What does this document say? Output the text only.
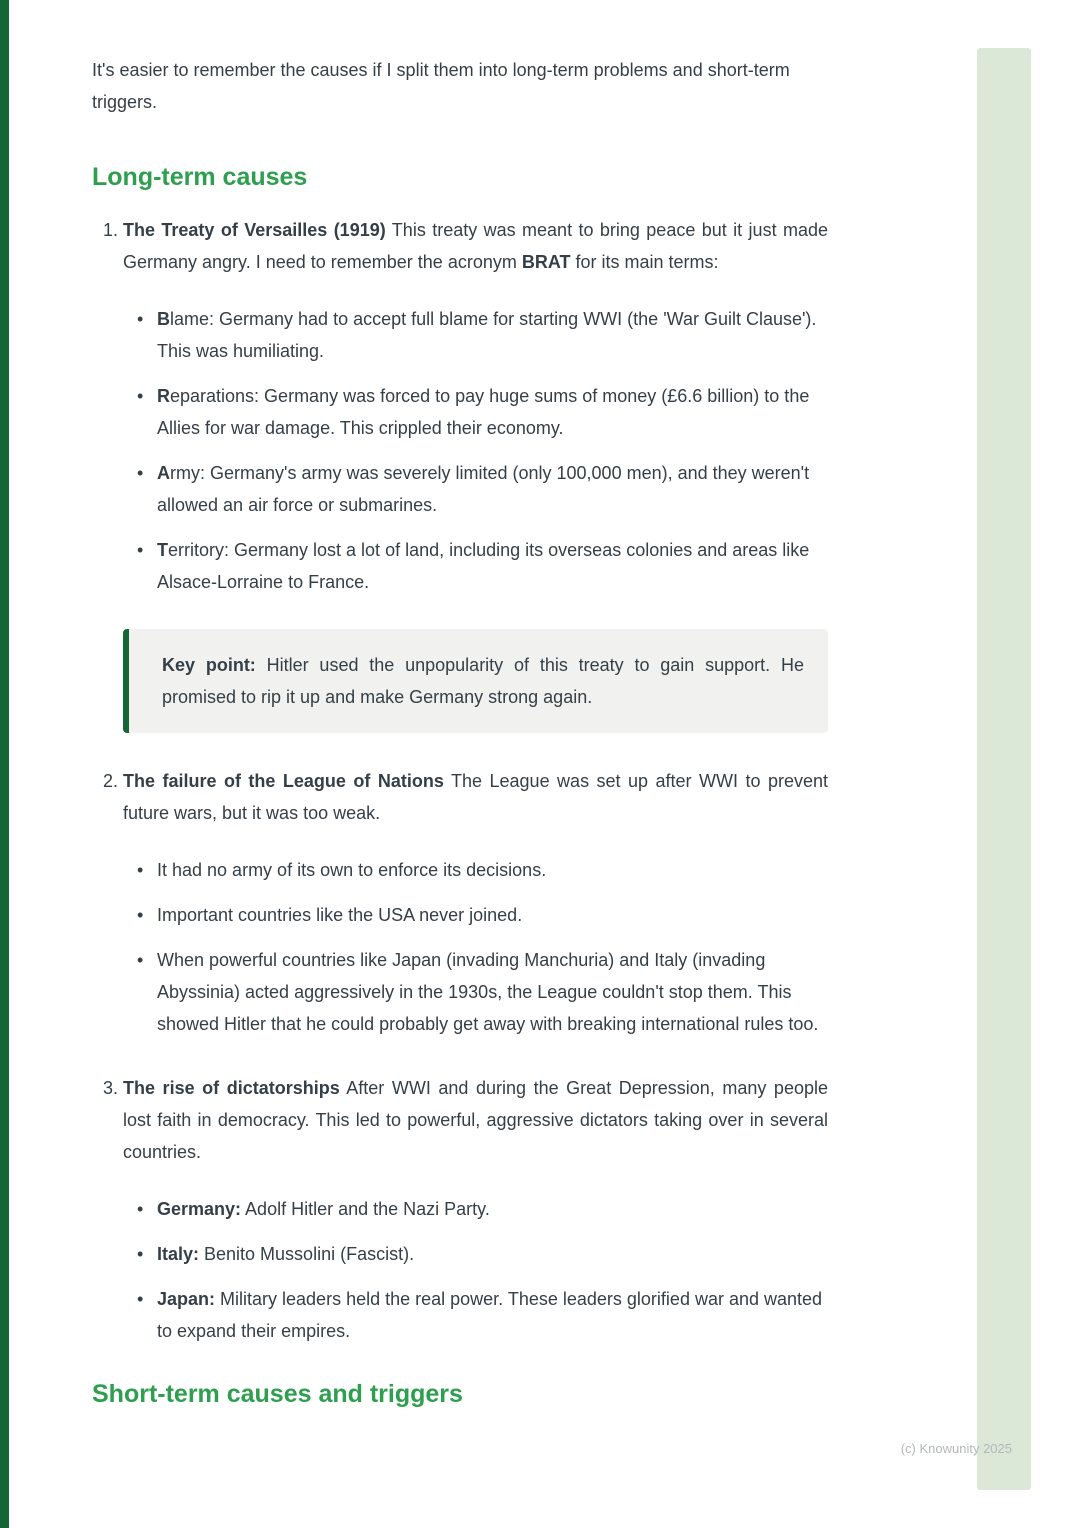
It's easier to remember the causes if I split them into long-term problems and short-term triggers.

Long-term causes
1. The Treaty of Versailles (1919) This treaty was meant to bring peace but it just made Germany angry. I need to remember the acronym BRAT for its main terms:

• Blame: Germany had to accept full blame for starting WWI (the 'War Guilt Clause'). This was humiliating.
• Reparations: Germany was forced to pay huge sums of money (£6.6 billion) to the Allies for war damage. This crippled their economy.
• Army: Germany's army was severely limited (only 100,000 men), and they weren't allowed an air force or submarines.
• Territory: Germany lost a lot of land, including its overseas colonies and areas like Alsace-Lorraine to France.
Key point: Hitler used the unpopularity of this treaty to gain support. He promised to rip it up and make Germany strong again.
2. The failure of the League of Nations The League was set up after WWI to prevent future wars, but it was too weak.

• It had no army of its own to enforce its decisions.
• Important countries like the USA never joined.
• When powerful countries like Japan (invading Manchuria) and Italy (invading Abyssinia) acted aggressively in the 1930s, the League couldn't stop them. This showed Hitler that he could probably get away with breaking international rules too.
3. The rise of dictatorships After WWI and during the Great Depression, many people lost faith in democracy. This led to powerful, aggressive dictators taking over in several countries.

• Germany: Adolf Hitler and the Nazi Party.
• Italy: Benito Mussolini (Fascist).
• Japan: Military leaders held the real power. These leaders glorified war and wanted to expand their empires.
Short-term causes and triggers
(c) Knowunity 2025
